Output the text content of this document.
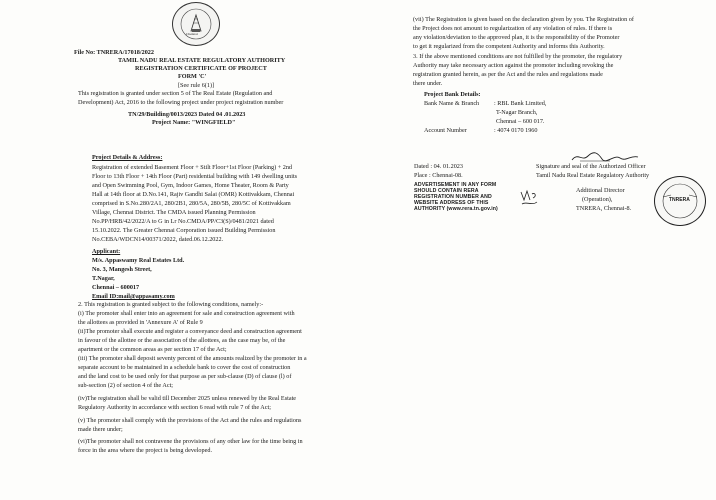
Chennai
File No: TNRERA/17018/2022
TAMIL NADU REAL ESTATE REGULATORY AUTHORITY
REGISTRATION CERTIFICATE OF PROJECT
FORM 'C'
[See rule 6(1)]
This registration is granted under section 5 of The Real Estate (Regulation and
Development) Act, 2016 to the following project under project registration number
TN/29/Building/0013/2023 Dated 04 .01.2023
Project Name: "WINGFIELD"
Project Details & Address:
Registration of extended Basement Floor + Stilt Floor+1st Floor (Parking) + 2nd
Floor to 13th Floor + 14th Floor (Part) residential building with 149 dwelling units
and Open Swimming Pool, Gym, Indoor Games, Home Theater, Room & Party
Hall at 14th floor at D.No.141, Rajiv Gandhi Salai (OMR) Kottivakkam, Chennai
comprised in S.No.280/2A1, 280/2B1, 280/5A, 280/5B, 280/5C of Kottivakkam
Village, Chennai District. The CMDA issued Planning Permission
No.PP/HRB/42/2022/A to G in Lr No.CMDA/PP/C3(S)/0481/2021 dated
15.10.2022. The Greater Chennai Corporation issued Building Permission
No.CEBA/WDCN14/00371/2022, dated.06.12.2022.
Applicant:
M/s. Appaswamy Real Estates Ltd.
No. 3, Mangesh Street,
T.Nagar,
Chennai – 600017
Email ID:mail@appasamy.com
2. This registration is granted subject to the following conditions, namely:-
(i) The promoter shall enter into an agreement for sale and construction agreement with
the allottees as provided in 'Annexure A' of Rule 9
(ii)The promoter shall execute and register a conveyance deed and construction agreement
in favour of the allottee or the association of the allottees, as the case may be, of the
apartment or the common areas as per section 17 of the Act;
(iii) The promoter shall deposit seventy percent of the amounts realized by the promoter in a
separate account to be maintained in a schedule bank to cover the cost of construction
and the land cost to be used only for that purpose as per sub-clause (D) of clause (l) of
sub-section (2) of section 4 of the Act;
(iv)The registration shall be valid till December 2025 unless renewed by the Real Estate
Regulatory Authority in accordance with section 6 read with rule 7 of the Act;
(v) The promoter shall comply with the provisions of the Act and the rules and regulations
made there under;
(vi)The promoter shall not contravene the provisions of any other law for the time being in
force in the area where the project is being developed.
(vii) The Registration is given based on the declaration given by you. The Registration of
the Project does not amount to regularization of any violation of rules. If there is
any violation/deviation to the approved plan, it is the responsibility of the Promoter
to get it regularized from the competent Authority and informs this Authority.
3. If the above mentioned conditions are not fulfilled by the promoter, the regulatory
Authority may take necessary action against the promoter including revoking the
registration granted herein, as per the Act and the rules and regulations made
there under.
Project Bank Details:
Bank Name & Branch : RBL Bank Limited,
T-Nagar Branch,
Chennai – 600 017.
Account Number	: 4074 0170 1960
Dated : 04. 01.2023
Place : Chennai-08.
Signature and seal of the Authorized Officer
Tamil Nadu Real Estate Regulatory Authority
ADVERTISEMENT IN ANY FORM
SHOULD CONTAIN RERA
REGISTRATION NUMBER AND
WEBSITE ADDRESS OF THIS
AUTHORITY (www.rera.tn.gov.in)
Additional Director
(Operation),
TNRERA, Chennai-8.
TNRERA
